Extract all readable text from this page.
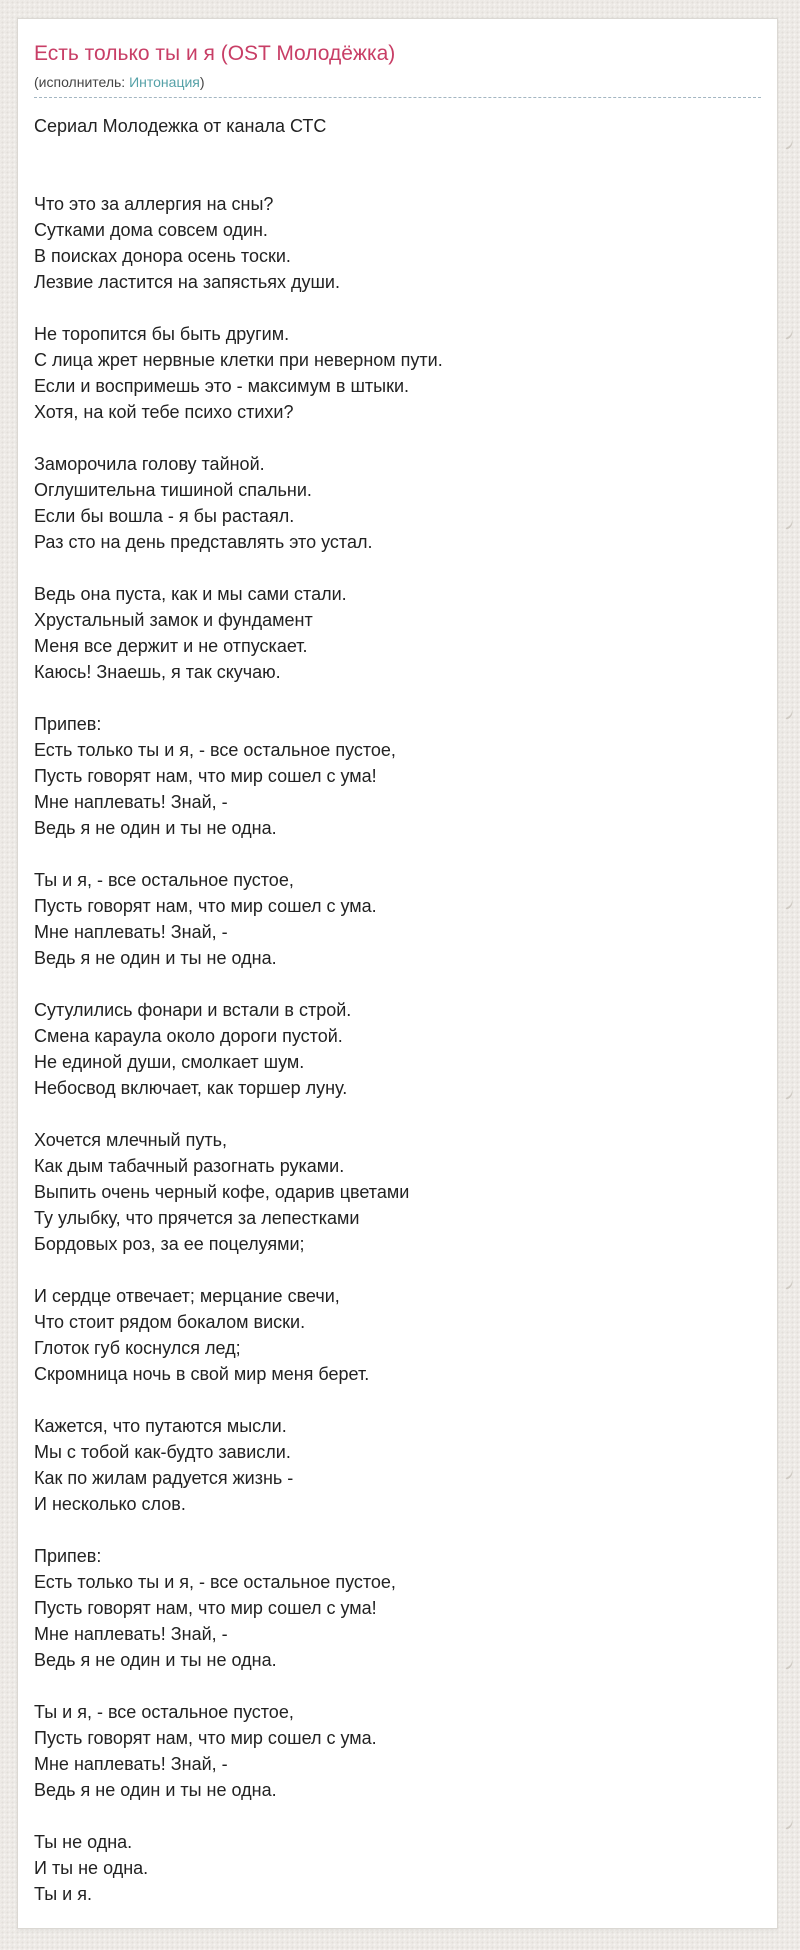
Есть только ты и я (OST Молодёжка)
(исполнитель: Интонация)
Сериал Молодежка от канала СТС
Что это за аллергия на сны?
Сутками дома совсем один.
В поисках донора осень тоски.
Лезвие ластится на запястьях души.
Не торопится бы быть другим.
С лица жрет нервные клетки при неверном пути.
Если и воспримешь это - максимум в штыки.
Хотя, на кой тебе психо стихи?
Заморочила голову тайной.
Оглушительна тишиной спальни.
Если бы вошла - я бы растаял.
Раз сто на день представлять это устал.
Ведь она пуста, как и мы сами стали.
Хрустальный замок и фундамент
Меня все держит и не отпускает.
Каюсь! Знаешь, я так скучаю.
Припев:
Есть только ты и я, - все остальное пустое,
Пусть говорят нам, что мир сошел с ума!
Мне наплевать! Знай, -
Ведь я не один и ты не одна.
Ты и я, - все остальное пустое,
Пусть говорят нам, что мир сошел с ума.
Мне наплевать! Знай, -
Ведь я не один и ты не одна.
Сутулились фонари и встали в строй.
Смена караула около дороги пустой.
Не единой души, смолкает шум.
Небосвод включает, как торшер луну.
Хочется млечный путь,
Как дым табачный разогнать руками.
Выпить очень черный кофе, одарив цветами
Ту улыбку, что прячется за лепестками
Бордовых роз, за ее поцелуями;
И сердце отвечает; мерцание свечи,
Что стоит рядом бокалом виски.
Глоток губ коснулся лед;
Скромница ночь в свой мир меня берет.
Кажется, что путаются мысли.
Мы с тобой как-будто зависли.
Как по жилам радуется жизнь -
И несколько слов.
Припев:
Есть только ты и я, - все остальное пустое,
Пусть говорят нам, что мир сошел с ума!
Мне наплевать! Знай, -
Ведь я не один и ты не одна.
Ты и я, - все остальное пустое,
Пусть говорят нам, что мир сошел с ума.
Мне наплевать! Знай, -
Ведь я не один и ты не одна.
Ты не одна.
И ты не одна.
Ты и я.
